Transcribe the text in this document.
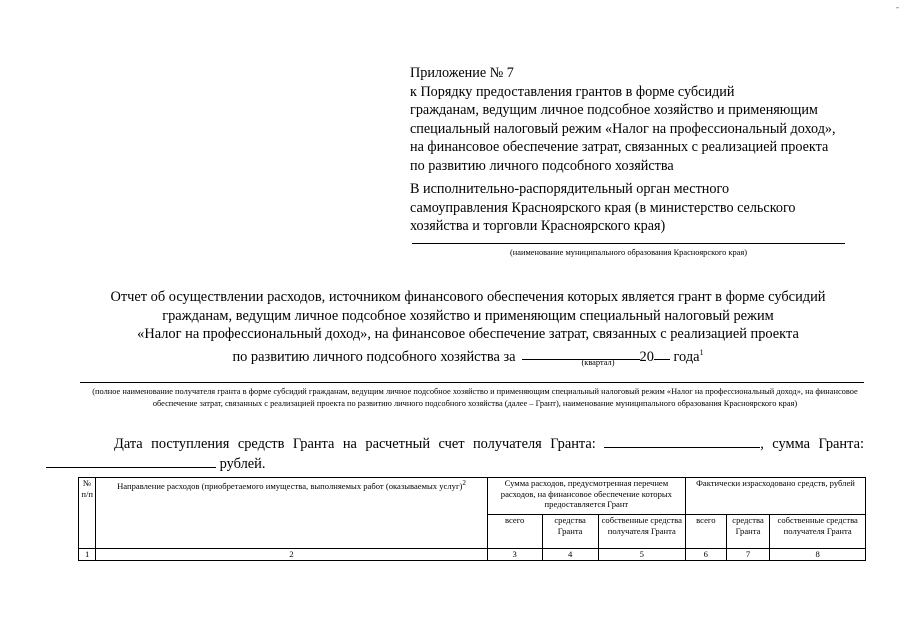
Приложение № 7
к Порядку предоставления грантов в форме субсидий
гражданам, ведущим личное подсобное хозяйство и применяющим
специальный налоговый режим «Налог на профессиональный доход»,
на финансовое обеспечение затрат, связанных с реализацией проекта
по развитию личного подсобного хозяйства
В исполнительно-распорядительный орган местного
самоуправления Красноярского края (в министерство сельского
хозяйства и торговли Красноярского края)
(наименование муниципального образования Красноярского края)
Отчет об осуществлении расходов, источником финансового обеспечения которых является грант в форме субсидий
гражданам, ведущим личное подсобное хозяйство и применяющим специальный налоговый режим
«Налог на профессиональный доход», на финансовое обеспечение затрат, связанных с реализацией проекта
по развитию личного подсобного хозяйства за	20 года$^1$
(квартал)
(полное наименование получателя гранта в форме субсидий гражданам, ведущим личное подсобное хозяйство и применяющим специальный налоговый режим «Налог на профессиональный доход», на финансовое обеспечение затрат, связанных с реализацией проекта по развитию личного подсобного хозяйства (далее – Грант), наименование муниципального образования Красноярского края)
Дата поступления средств Гранта на расчетный счет получателя Гранта:	, сумма Гранта:  рублей.
№ п/п	Направление расходов (приобретаемого имущества, выполняемых работ (оказываемых услуг)$^2$	Сумма расходов, предусмотренная перечнем расходов, на финансовое обеспечение которых предоставляется Грант			Фактически израсходовано средств, рублей		
		всего	средства Гранта	собственные средства получателя Гранта	всего	средства Гранта	собственные средства получателя Гранта
1	2	3	4	5	6	7	8
-
